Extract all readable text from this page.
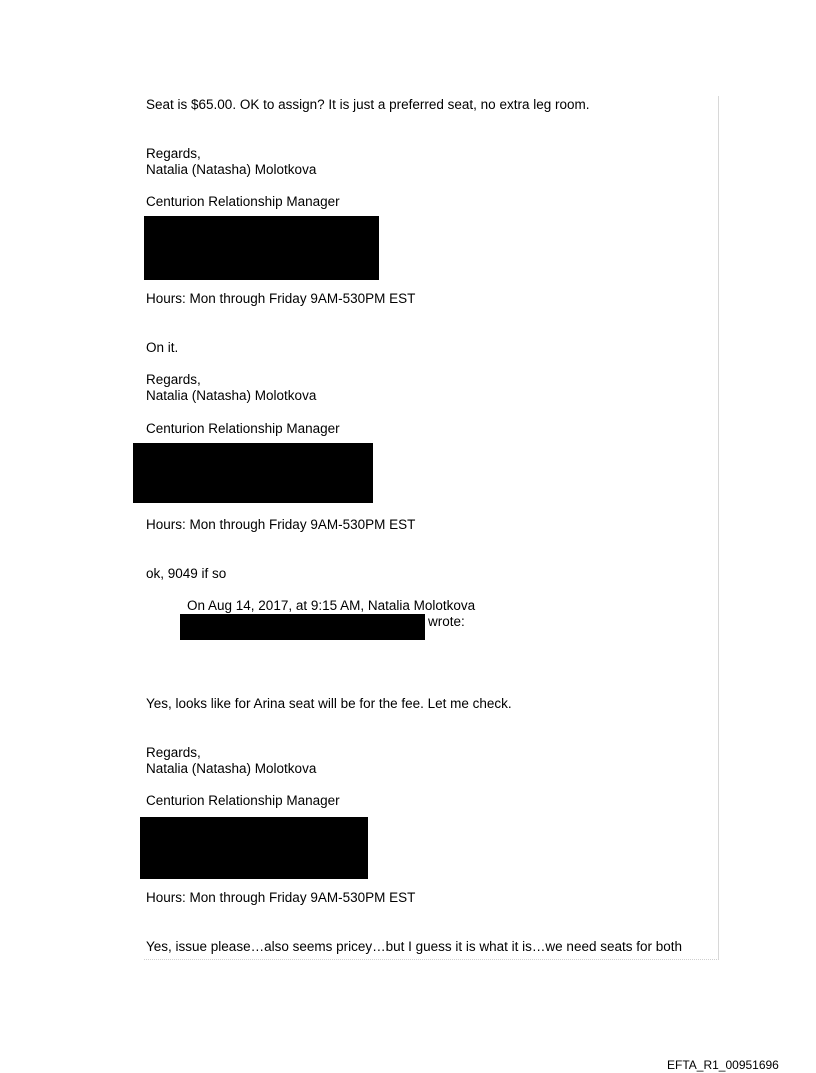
Seat is $65.00. OK to assign? It is just a preferred seat, no extra leg room.
Regards,
Natalia (Natasha) Molotkova
Centurion Relationship Manager
Hours: Mon through Friday 9AM-530PM EST
On it.
Regards,
Natalia (Natasha) Molotkova
Centurion Relationship Manager
Hours: Mon through Friday 9AM-530PM EST
ok, 9049 if so
On Aug 14, 2017, at 9:15 AM, Natalia Molotkova
wrote:
Yes, looks like for Arina seat will be for the fee. Let me check.
Regards,
Natalia (Natasha) Molotkova
Centurion Relationship Manager
Hours: Mon through Friday 9AM-530PM EST
Yes, issue please…also seems pricey…but I guess it is what it is…we need seats for both
EFTA_R1_00951696
